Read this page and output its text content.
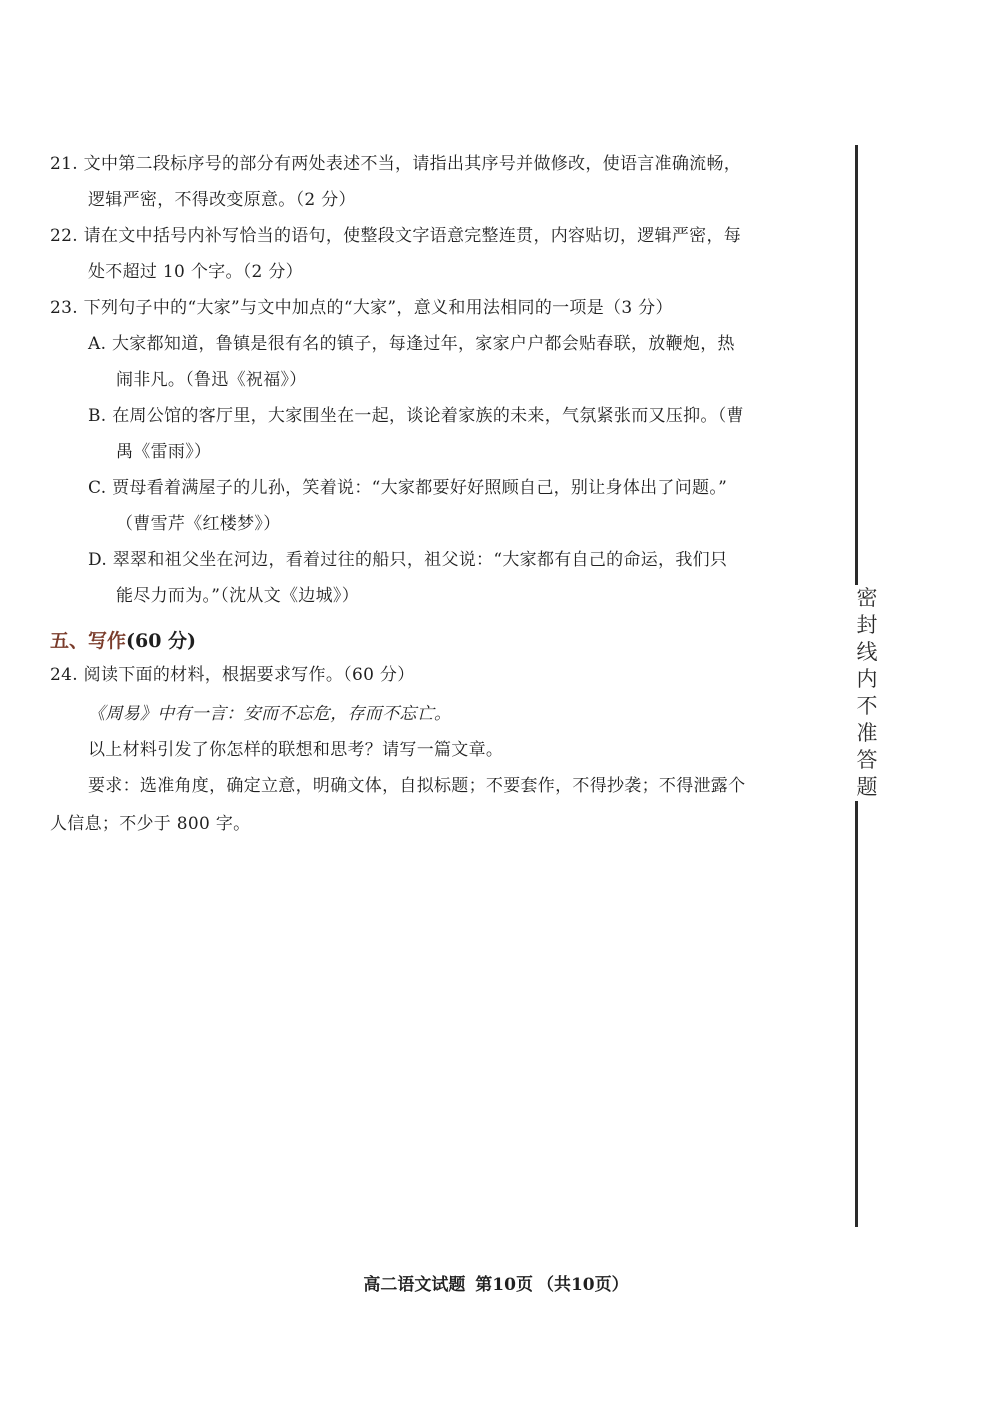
21. 文中第二段标序号的部分有两处表述不当，请指出其序号并做修改，使语言准确流畅，
逻辑严密，不得改变原意。（2 分）
22. 请在文中括号内补写恰当的语句，使整段文字语意完整连贯，内容贴切，逻辑严密，每
处不超过 10 个字。（2 分）
23. 下列句子中的“大家”与文中加点的“大家”，意义和用法相同的一项是（3 分）
A. 大家都知道，鲁镇是很有名的镇子，每逢过年，家家户户都会贴春联，放鞭炮，热
闹非凡。（鲁迅《祝福》）
B. 在周公馆的客厅里，大家围坐在一起，谈论着家族的未来，气氛紧张而又压抑。（曹
禺《雷雨》）
C. 贾母看着满屋子的儿孙，笑着说：“大家都要好好照顾自己，别让身体出了问题。”
（曹雪芹《红楼梦》）
D. 翠翠和祖父坐在河边，看着过往的船只，祖父说：“大家都有自己的命运，我们只
能尽力而为。”（沈从文《边城》）
五、写作(60 分)
24. 阅读下面的材料，根据要求写作。（60 分）
《周易》中有一言：安而不忘危，存而不忘亡。
以上材料引发了你怎样的联想和思考？请写一篇文章。
要求：选准角度，确定立意，明确文体，自拟标题；不要套作，不得抄袭；不得泄露个
人信息；不少于 800 字。
密封线内不准答题
高二语文试题 第10页 （共10页）
